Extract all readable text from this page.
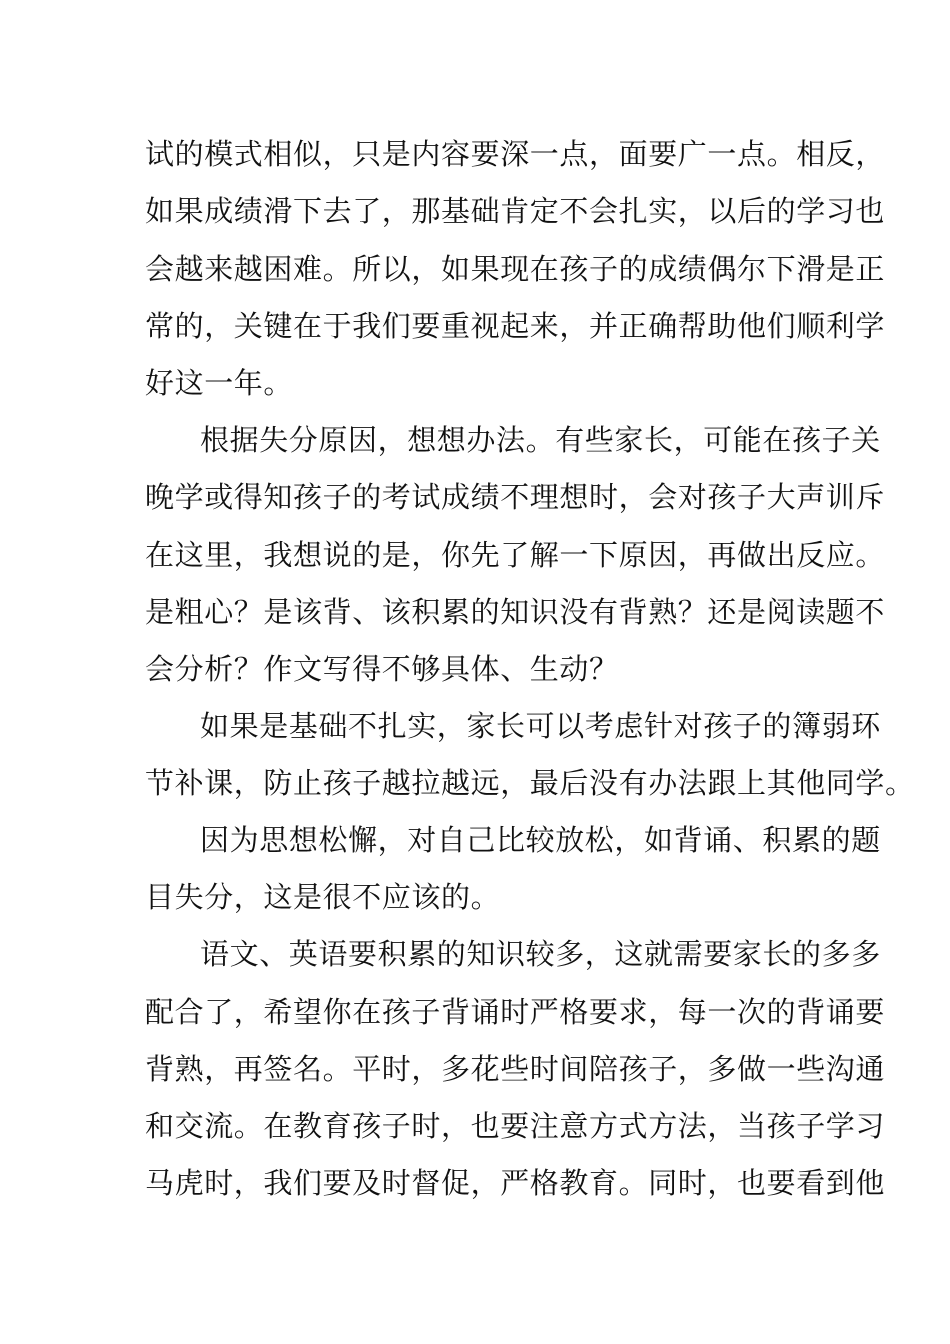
试的模式相似，只是内容要深一点，面要广一点。相反，
如果成绩滑下去了，那基础肯定不会扎实，以后的学习也
会越来越困难。所以，如果现在孩子的成绩偶尔下滑是正
常的，关键在于我们要重视起来，并正确帮助他们顺利学
好这一年。
根据失分原因，想想办法。有些家长，可能在孩子关
晚学或得知孩子的考试成绩不理想时，会对孩子大声训斥
在这里，我想说的是，你先了解一下原因，再做出反应。
是粗心？是该背、该积累的知识没有背熟？还是阅读题不
会分析？作文写得不够具体、生动？
如果是基础不扎实，家长可以考虑针对孩子的簿弱环
节补课，防止孩子越拉越远，最后没有办法跟上其他同学。
因为思想松懈，对自己比较放松，如背诵、积累的题
目失分，这是很不应该的。
语文、英语要积累的知识较多，这就需要家长的多多
配合了，希望你在孩子背诵时严格要求，每一次的背诵要
背熟，再签名。平时，多花些时间陪孩子，多做一些沟通
和交流。在教育孩子时，也要注意方式方法，当孩子学习
马虎时，我们要及时督促，严格教育。同时，也要看到他
